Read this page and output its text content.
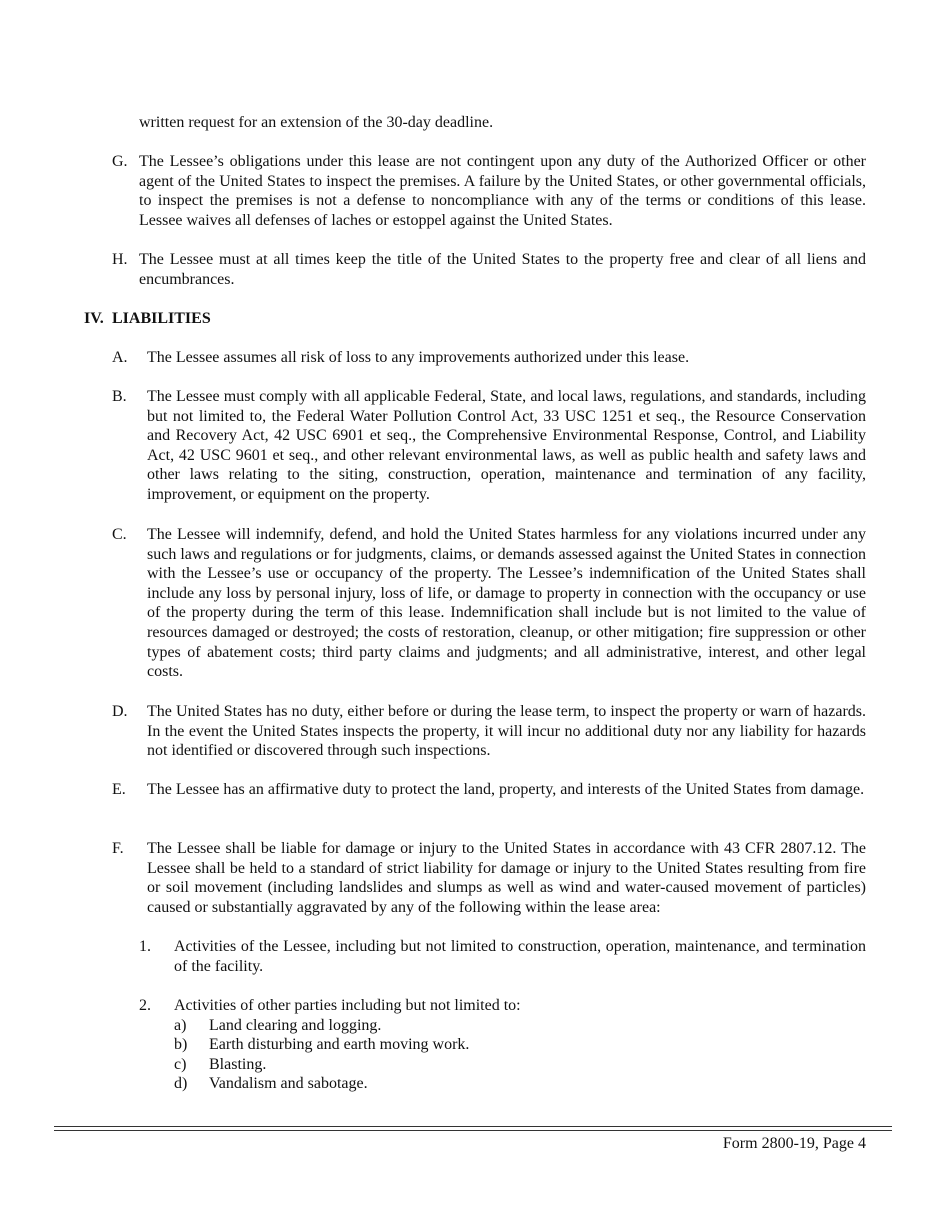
written request for an extension of the 30-day deadline.

G. The Lessee’s obligations under this lease are not contingent upon any duty of the Authorized Officer or other agent of the United States to inspect the premises. A failure by the United States, or other governmental officials, to inspect the premises is not a defense to noncompliance with any of the terms or conditions of this lease. Lessee waives all defenses of laches or estoppel against the United States.

H. The Lessee must at all times keep the title of the United States to the property free and clear of all liens and encumbrances.

IV. LIABILITIES
A. The Lessee assumes all risk of loss to any improvements authorized under this lease.

B. The Lessee must comply with all applicable Federal, State, and local laws, regulations, and standards, including but not limited to, the Federal Water Pollution Control Act, 33 USC 1251 et seq., the Resource Conservation and Recovery Act, 42 USC 6901 et seq., the Comprehensive Environmental Response, Control, and Liability Act, 42 USC 9601 et seq., and other relevant environmental laws, as well as public health and safety laws and other laws relating to the siting, construction, operation, maintenance and termination of any facility, improvement, or equipment on the property.

C. The Lessee will indemnify, defend, and hold the United States harmless for any violations incurred under any such laws and regulations or for judgments, claims, or demands assessed against the United States in connection with the Lessee’s use or occupancy of the property. The Lessee’s indemnification of the United States shall include any loss by personal injury, loss of life, or damage to property in connection with the occupancy or use of the property during the term of this lease. Indemnification shall include but is not limited to the value of resources damaged or destroyed; the costs of restoration, cleanup, or other mitigation; fire suppression or other types of abatement costs; third party claims and judgments; and all administrative, interest, and other legal costs.

D. The United States has no duty, either before or during the lease term, to inspect the property or warn of hazards. In the event the United States inspects the property, it will incur no additional duty nor any liability for hazards not identified or discovered through such inspections.

E. The Lessee has an affirmative duty to protect the land, property, and interests of the United States from damage.

F. The Lessee shall be liable for damage or injury to the United States in accordance with 43 CFR 2807.12. The Lessee shall be held to a standard of strict liability for damage or injury to the United States resulting from fire or soil movement (including landslides and slumps as well as wind and water-caused movement of particles) caused or substantially aggravated by any of the following within the lease area:

1. Activities of the Lessee, including but not limited to construction, operation, maintenance, and termination of the facility.

2. Activities of other parties including but not limited to:

a) Land clearing and logging.
b) Earth disturbing and earth moving work.
c) Blasting.
d) Vandalism and sabotage.
Form 2800-19, Page 4
